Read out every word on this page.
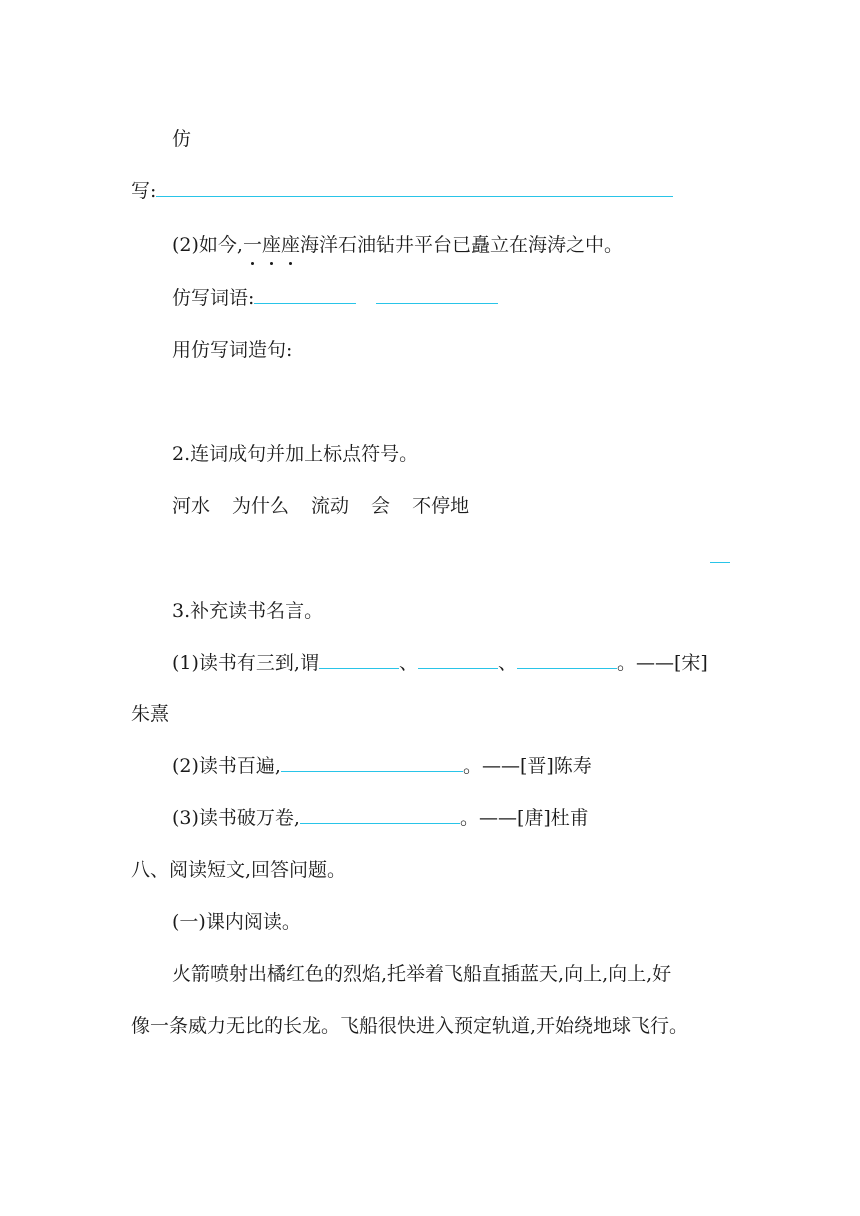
仿
写:
(2)如今,一座座海洋石油钻井平台已矗立在海涛之中。
仿写词语:
用仿写词造句:
2.连词成句并加上标点符号。
河水 为什么 流动 会 不停地
3.补充读书名言。
(1)读书有三到,谓	、	、	。——[宋]
朱熹
(2)读书百遍,	。——[晋]陈寿
(3)读书破万卷,	。——[唐]杜甫
八、阅读短文,回答问题。
(一)课内阅读。
火箭喷射出橘红色的烈焰,托举着飞船直插蓝天,向上,向上,好
像一条威力无比的长龙。飞船很快进入预定轨道,开始绕地球飞行。
